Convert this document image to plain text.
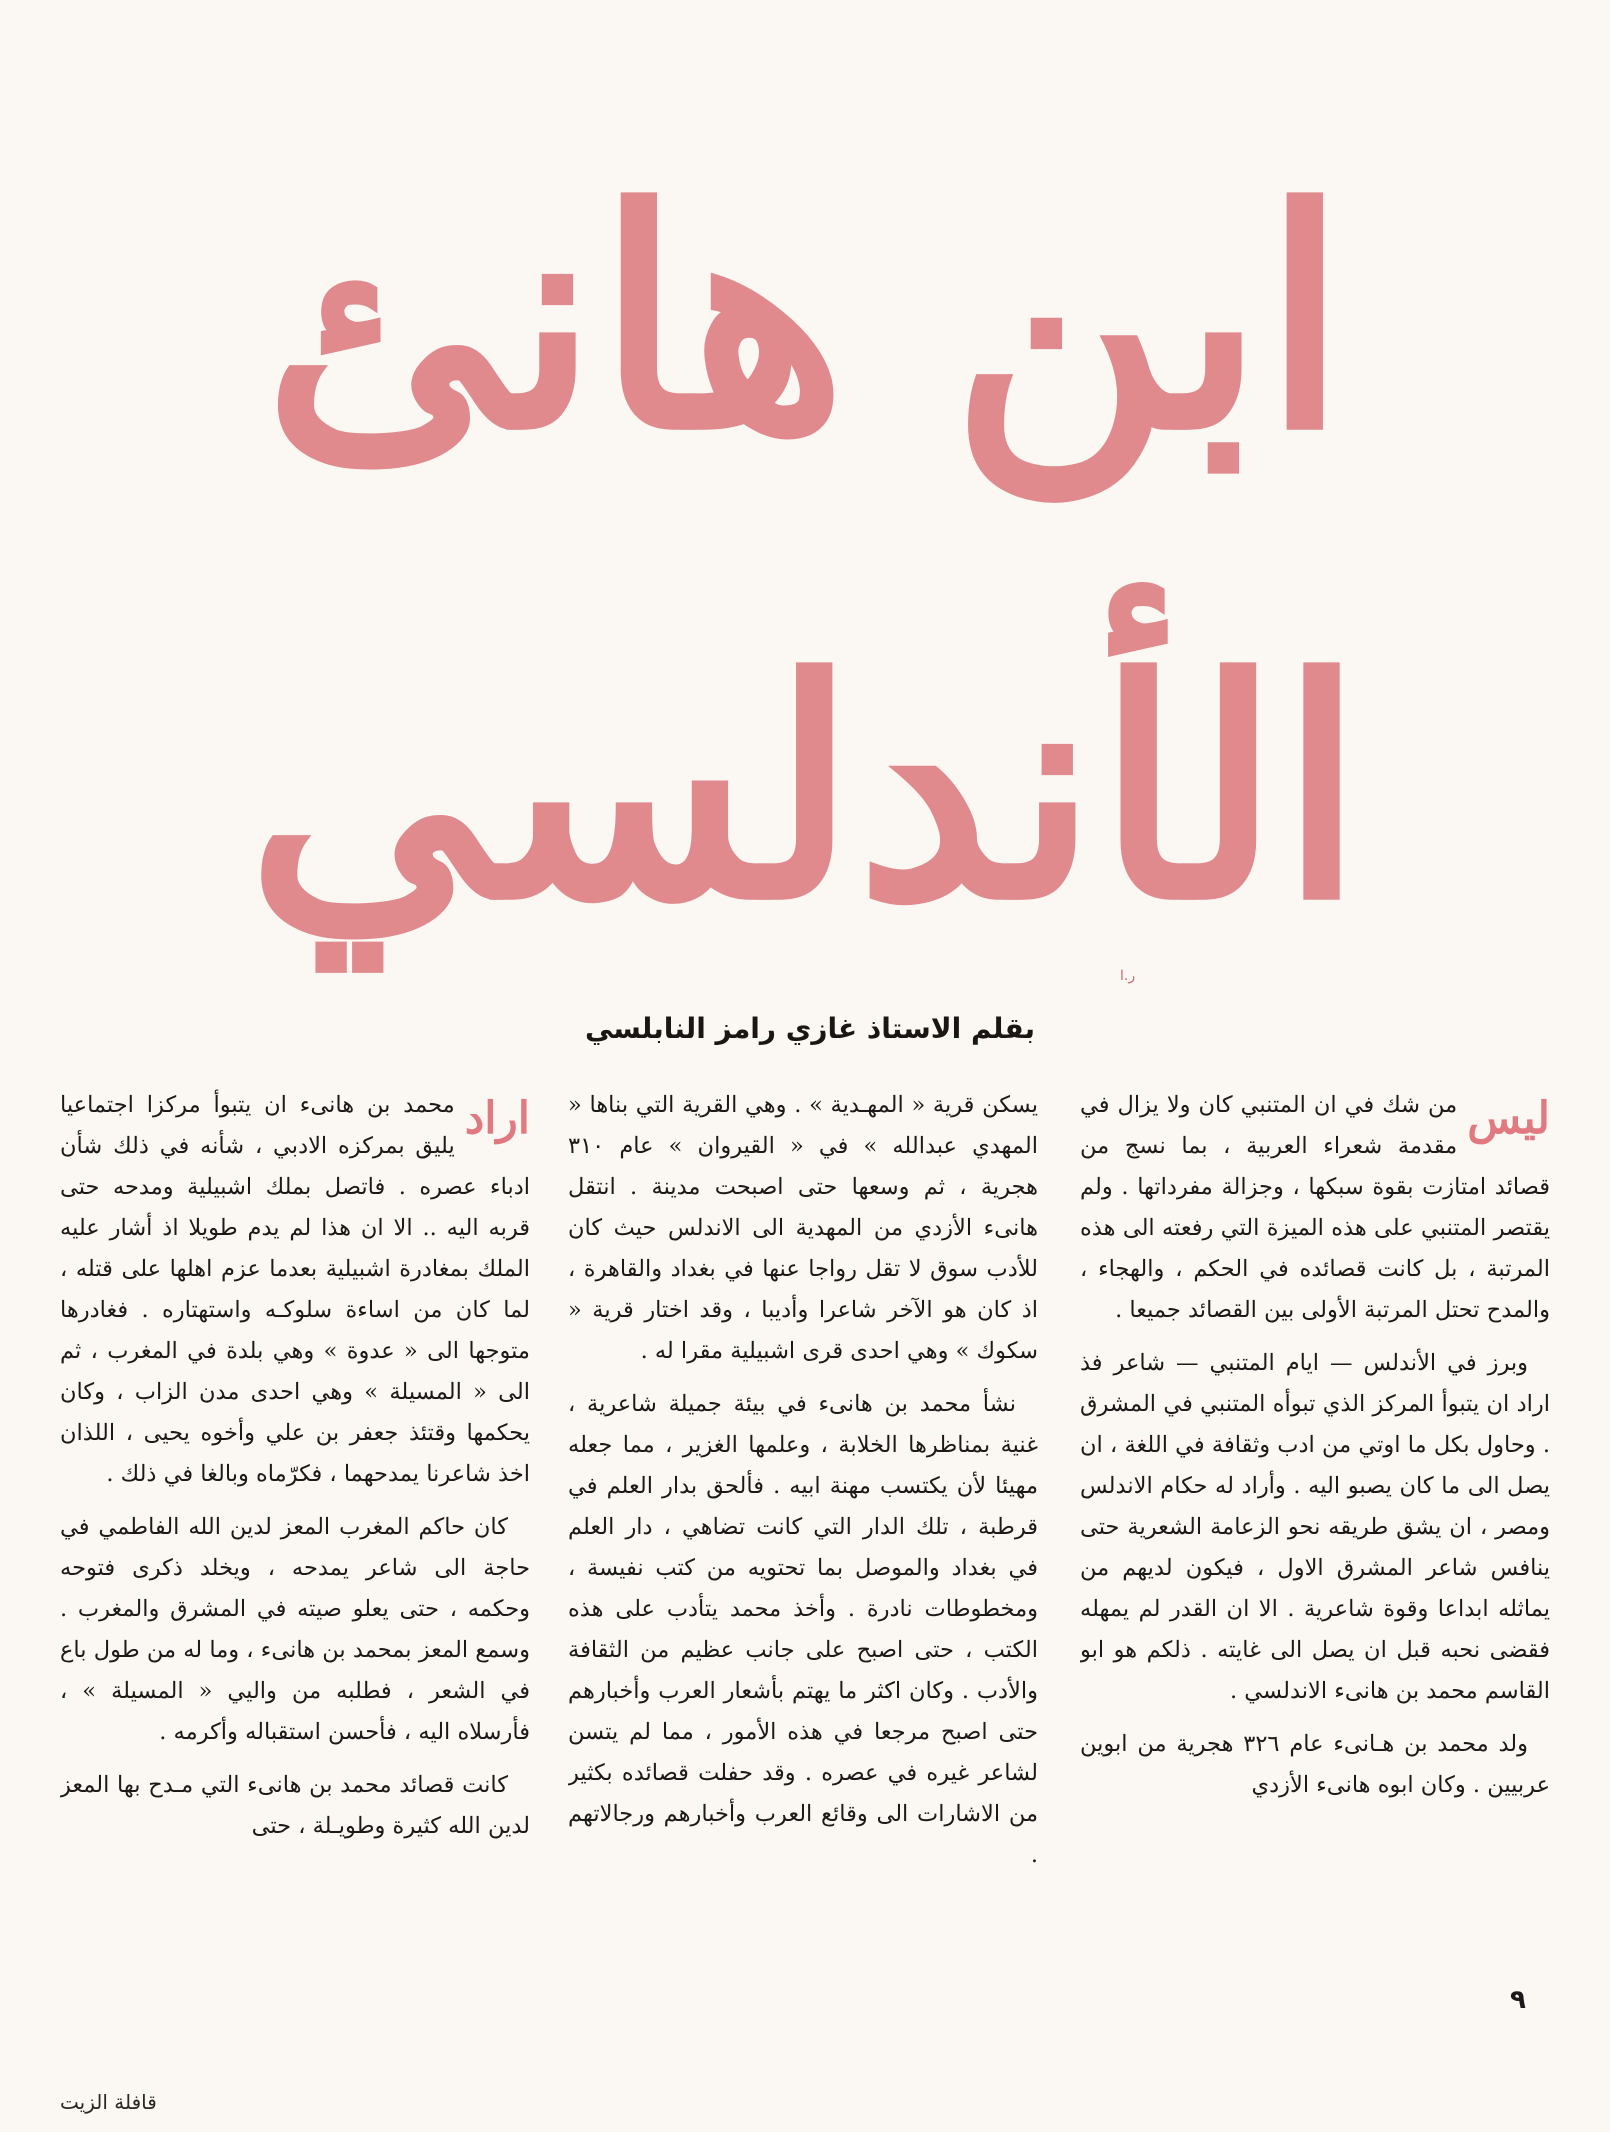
ابن هانئ
الأندلسي
ر.ا
بقلم الاستاذ غازي رامز النابلسي
ليس

من شك في ان المتنبي كان ولا يزال في مقدمة شعراء العربية ، بما نسج من قصائد امتازت بقوة سبكها ، وجزالة مفرداتها . ولم يقتصر المتنبي على هذه الميزة التي رفعته الى هذه المرتبة ، بل كانت قصائده في الحكم ، والهجاء ، والمدح تحتل المرتبة الأولى بين القصائد جميعا .

وبرز في الأندلس — ايام المتنبي — شاعر فذ اراد ان يتبوأ المركز الذي تبوأه المتنبي في المشرق . وحاول بكل ما اوتي من ادب وثقافة في اللغة ، ان يصل الى ما كان يصبو اليه . وأراد له حكام الاندلس ومصر ، ان يشق طريقه نحو الزعامة الشعرية حتى ينافس شاعر المشرق الاول ، فيكون لديهم من يماثله ابداعا وقوة شاعرية . الا ان القدر لم يمهله فقضى نحبه قبل ان يصل الى غايته . ذلكم هو ابو القاسم محمد بن هانىء الاندلسي .

ولد محمد بن هـانىء عام ٣٢٦ هجرية من ابوين عربيين . وكان ابوه هانىء الأزدي

يسكن قرية « المهـدية » . وهي القرية التي بناها « المهدي عبدالله » في « القيروان » عام ٣١٠ هجرية ، ثم وسعها حتى اصبحت مدينة . انتقل هانىء الأزدي من المهدية الى الاندلس حيث كان للأدب سوق لا تقل رواجا عنها في بغداد والقاهرة ، اذ كان هو الآخر شاعرا وأديبا ، وقد اختار قرية « سكوك » وهي احدى قرى اشبيلية مقرا له .

نشأ محمد بن هانىء في بيئة جميلة شاعرية ، غنية بمناظرها الخلابة ، وعلمها الغزير ، مما جعله مهيئا لأن يكتسب مهنة ابيه . فألحق بدار العلم في قرطبة ، تلك الدار التي كانت تضاهي ، دار العلم في بغداد والموصل بما تحتويه من كتب نفيسة ، ومخطوطات نادرة . وأخذ محمد يتأدب على هذه الكتب ، حتى اصبح على جانب عظيم من الثقافة والأدب . وكان اكثر ما يهتم بأشعار العرب وأخبارهم حتى اصبح مرجعا في هذه الأمور ، مما لم يتسن لشاعر غيره في عصره . وقد حفلت قصائده بكثير من الاشارات الى وقائع العرب وأخبارهم ورجالاتهم .

اراد

محمد بن هانىء ان يتبوأ مركزا اجتماعيا يليق بمركزه الادبي ، شأنه في ذلك شأن ادباء عصره . فاتصل بملك اشبيلية ومدحه حتى قربه اليه .. الا ان هذا لم يدم طويلا اذ أشار عليه الملك بمغادرة اشبيلية بعدما عزم اهلها على قتله ، لما كان من اساءة سلوكـه واستهتاره . فغادرها متوجها الى « عدوة » وهي بلدة في المغرب ، ثم الى « المسيلة » وهي احدى مدن الزاب ، وكان يحكمها وقتئذ جعفر بن علي وأخوه يحيى ، اللذان اخذ شاعرنا يمدحهما ، فكرّماه وبالغا في ذلك .

كان حاكم المغرب المعز لدين الله الفاطمي في حاجة الى شاعر يمدحه ، ويخلد ذكرى فتوحه وحكمه ، حتى يعلو صيته في المشرق والمغرب . وسمع المعز بمحمد بن هانىء ، وما له من طول باع في الشعر ، فطلبه من واليي « المسيلة » ، فأرسلاه اليه ، فأحسن استقباله وأكرمه .

كانت قصائد محمد بن هانىء التي مـدح بها المعز لدين الله كثيرة وطويـلة ، حتى

٩
قافلة الزيت
